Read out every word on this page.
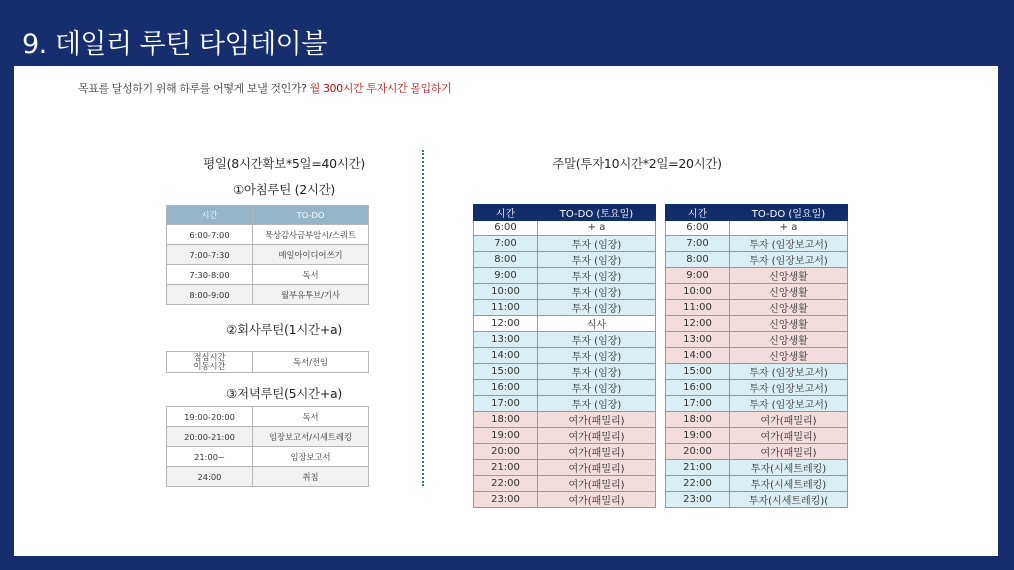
9. 데일리 루틴 타임테이블
목표를 달성하기 위해 하루를 어떻게 보낼 것인가? 월 300시간 투자시간 몰입하기
평일(8시간확보*5일=40시간)
①아침루틴 (2시간)
시간	TO-DO
6:00-7:00	묵상감사금부암시/스쿼트
7:00-7:30	매일아이디어쓰기
7:30-8:00	독서
8:00-9:00	월부유투브/기사
②회사루틴(1시간+a)
점심시간
이동시간	독서/전임
③저녁루틴(5시간+a)
19:00-20:00	독서
20:00-21:00	임장보고서/시세트레킹
21:00~	임장보고서
24:00	취침
주말(투자10시간*2일=20시간)
시간	TO-DO (토요일)
6:00	+ a
7:00	투자 (임장)
8:00	투자 (임장)
9:00	투자 (임장)
10:00	투자 (임장)
11:00	투자 (임장)
12:00	식사
13:00	투자 (임장)
14:00	투자 (임장)
15:00	투자 (임장)
16:00	투자 (임장)
17:00	투자 (임장)
18:00	여가(패밀리)
19:00	여가(패밀리)
20:00	여가(패밀리)
21:00	여가(패밀리)
22:00	여가(패밀리)
23:00	여가(패밀리)
시간	TO-DO (일요일)
6:00	+ a
7:00	투자 (임장보고서)
8:00	투자 (임장보고서)
9:00	신앙생활
10:00	신앙생활
11:00	신앙생활
12:00	신앙생활
13:00	신앙생활
14:00	신앙생활
15:00	투자 (임장보고서)
16:00	투자 (임장보고서)
17:00	투자 (임장보고서)
18:00	여가(패밀리)
19:00	여가(패밀리)
20:00	여가(패밀리)
21:00	투자(시세트레킹)
22:00	투자(시세트레킹)
23:00	투자(시세트레킹)(
